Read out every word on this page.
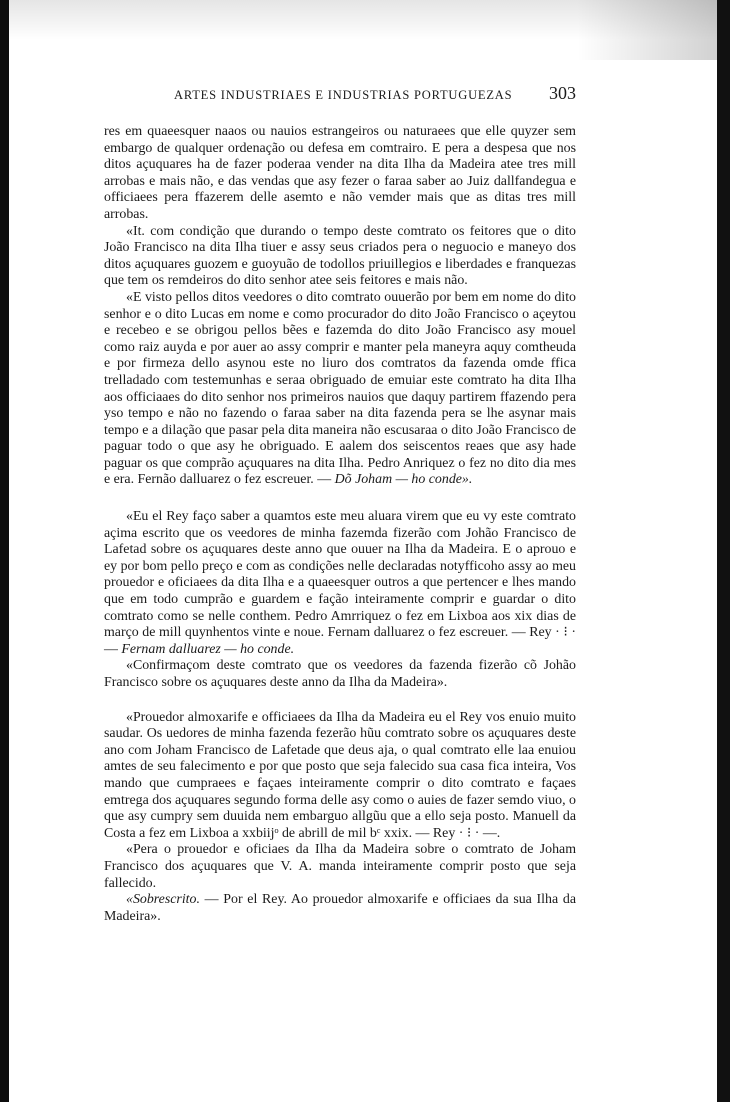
ARTES INDUSTRIAES E INDUSTRIAS PORTUGUEZAS 303

res em quaeesquer naaos ou nauios estrangeiros ou naturaees que elle quyzer sem embargo de qualquer ordenação ou defesa em comtrairo. E pera a despesa que nos ditos açuquares ha de fazer poderaa vender na dita Ilha da Madeira atee tres mill arrobas e mais não, e das vendas que asy fezer o faraa saber ao Juiz dallfandegua e officiaees pera ffazerem delle asemto e não vemder mais que as ditas tres mill arrobas.

«It. com condição que durando o tempo deste comtrato os feitores que o dito João Francisco na dita Ilha tiuer e assy seus criados pera o neguocio e maneyo dos ditos açuquares guozem e guoyuão de todollos priuillegios e liberdades e franquezas que tem os remdeiros do dito senhor atee seis feitores e mais não.

«E visto pellos ditos veedores o dito comtrato ouuerão por bem em nome do dito senhor e o dito Lucas em nome e como procurador do dito João Francisco o açeytou e recebeo e se obrigou pellos bẽes e fazemda do dito João Francisco asy mouel como raiz auyda e por auer ao assy comprir e manter pela maneyra aquy comtheuda e por firmeza dello asynou este no liuro dos comtratos da fazenda omde ffica trelladado com testemunhas e seraa obriguado de emuiar este comtrato ha dita Ilha aos officiaaes do dito senhor nos primeiros nauios que daquy partirem ffazendo pera yso tempo e não no fazendo o faraa saber na dita fazenda pera se lhe asynar mais tempo e a dilação que pasar pela dita maneira não escusaraa o dito João Francisco de paguar todo o que asy he obriguado. E aalem dos seiscentos reaes que asy hade paguar os que comprão açuquares na dita Ilha. Pedro Anriquez o fez no dito dia mes e era. Fernão dalluarez o fez escreuer. — Dõ Joham — ho conde».

«Eu el Rey faço saber a quamtos este meu aluara virem que eu vy este comtrato açima escrito que os veedores de minha fazemda fizerão com Johão Francisco de Lafetad sobre os açuquares deste anno que ouuer na Ilha da Madeira. E o aprouo e ey por bom pello preço e com as condições nelle declaradas notyfficoho assy ao meu prouedor e oficiaees da dita Ilha e a quaeesquer outros a que pertencer e lhes mando que em todo cumprão e guardem e fação inteiramente comprir e guardar o dito comtrato como se nelle conthem. Pedro Amrriquez o fez em Lixboa aos xix dias de março de mill quynhentos vinte e noue. Fernam dalluarez o fez escreuer. — Rey · ⁝ · — Fernam dalluarez — ho conde.

«Confirmaçom deste comtrato que os veedores da fazenda fizerão cõ Johão Francisco sobre os açuquares deste anno da Ilha da Madeira».

«Prouedor almoxarife e officiaees da Ilha da Madeira eu el Rey vos enuio muito saudar. Os uedores de minha fazenda fezerão hũu comtrato sobre os açuquares deste ano com Joham Francisco de Lafetade que deus aja, o qual comtrato elle laa enuiou amtes de seu falecimento e por que posto que seja falecido sua casa fica inteira, Vos mando que cumpraees e façaes inteiramente comprir o dito comtrato e façaes emtrega dos açuquares segundo forma delle asy como o auies de fazer semdo viuo, o que asy cumpry sem duuida nem embarguo allgũu que a ello seja posto. Manuell da Costa a fez em Lixboa a xxbiijᵒ de abrill de mil bᶜ xxix. — Rey · ⁝ · —.

«Pera o prouedor e oficiaes da Ilha da Madeira sobre o comtrato de Joham Francisco dos açuquares que V. A. manda inteiramente comprir posto que seja fallecido.

«Sobrescrito. — Por el Rey. Ao prouedor almoxarife e officiaes da sua Ilha da Madeira».
